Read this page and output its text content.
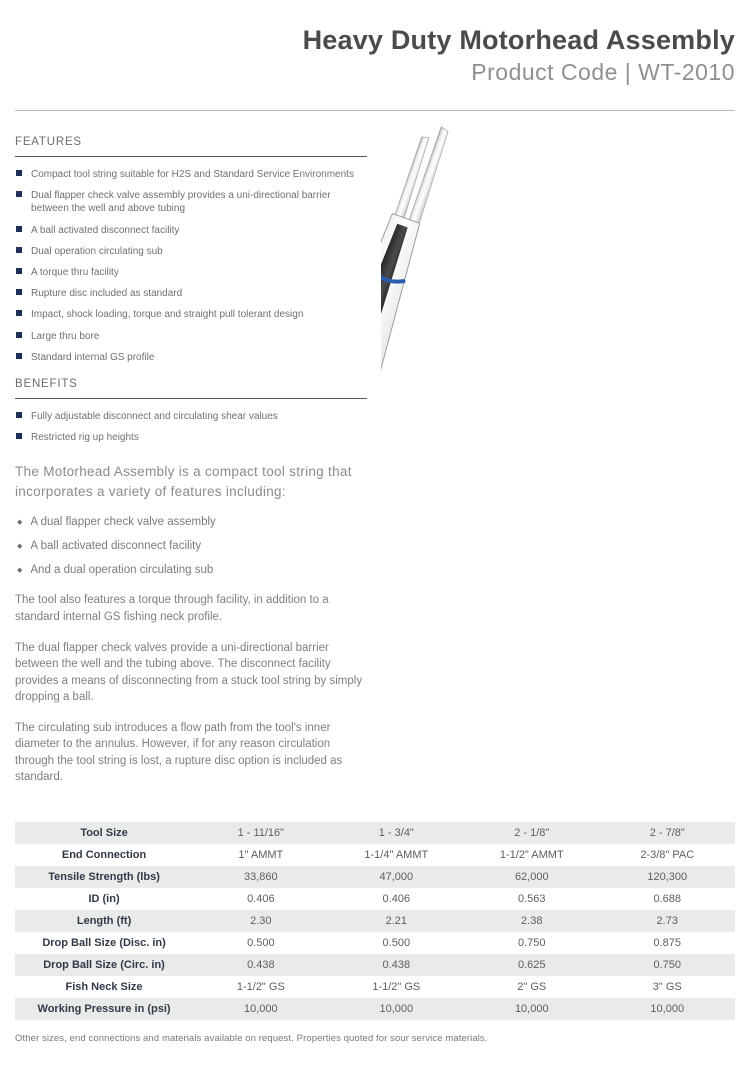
Heavy Duty Motorhead Assembly
Product Code | WT-2010
FEATURES
Compact tool string suitable for H2S and Standard Service Environments
Dual flapper check valve assembly provides a uni-directional barrier between the well and above tubing
A ball activated disconnect facility
Dual operation circulating sub
A torque thru facility
Rupture disc included as standard
Impact, shock loading, torque and straight pull tolerant design
Large thru bore
Standard internal GS profile
BENEFITS
Fully adjustable disconnect and circulating shear values
Restricted rig up heights

The Motorhead Assembly is a compact tool string that incorporates a variety of features including:

◆ A dual flapper check valve assembly
◆ A ball activated disconnect facility
◆ And a dual operation circulating sub

The tool also features a torque through facility, in addition to a standard internal GS fishing neck profile.

The dual flapper check valves provide a uni-directional barrier between the well and the tubing above. The disconnect facility provides a means of disconnecting from a stuck tool string by simply dropping a ball.

The circulating sub introduces a flow path from the tool's inner diameter to the annulus. However, if for any reason circulation through the tool string is lost, a rupture disc option is included as standard.

Tool Size	1 - 11/16"	1 - 3/4"	2 - 1/8"	2 - 7/8"
End Connection	1" AMMT	1-1/4" AMMT	1-1/2" AMMT	2-3/8" PAC
Tensile Strength (lbs)	33,860	47,000	62,000	120,300
ID (in)	0.406	0.406	0.563	0.688
Length (ft)	2.30	2.21	2.38	2.73
Drop Ball Size (Disc. in)	0.500	0.500	0.750	0.875
Drop Ball Size (Circ. in)	0.438	0.438	0.625	0.750
Fish Neck Size	1-1/2" GS	1-1/2" GS	2" GS	3" GS
Working Pressure in (psi)	10,000	10,000	10,000	10,000
Other sizes, end connections and materials available on request. Properties quoted for sour service materials.
